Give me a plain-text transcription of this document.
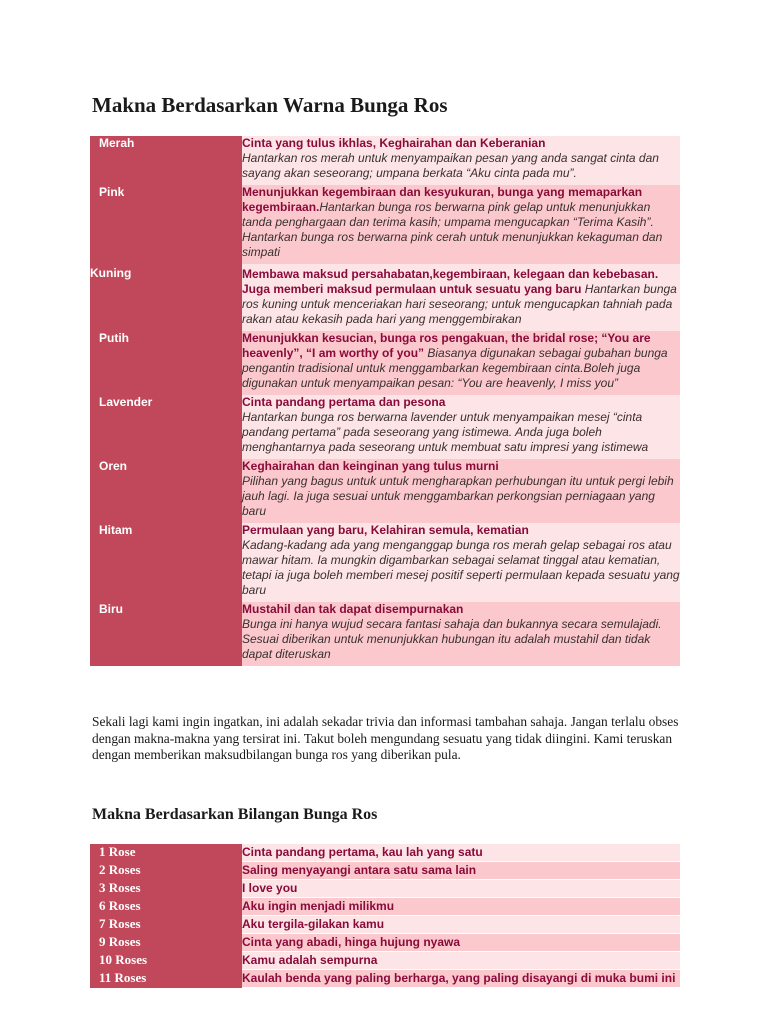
Makna Berdasarkan Warna Bunga Ros
Merah	Cinta yang tulus ikhlas, Keghairahan dan Keberanian
Hantarkan ros merah untuk menyampaikan pesan yang anda sangat cinta dan sayang akan seseorang; umpana berkata “Aku cinta pada mu”.

Pink	Menunjukkan kegembiraan dan kesyukuran, bunga yang memaparkan kegembiraan.Hantarkan bunga ros berwarna pink gelap untuk menunjukkan tanda penghargaan dan terima kasih; umpama mengucapkan “Terima Kasih”. Hantarkan bunga ros berwarna pink cerah untuk menunjukkan kekaguman dan simpati

Kuning	Membawa maksud persahabatan,kegembiraan, kelegaan dan kebebasan. Juga memberi maksud permulaan untuk sesuatu yang baru Hantarkan bunga ros kuning untuk menceriakan hari seseorang; untuk mengucapkan tahniah pada rakan atau kekasih pada hari yang menggembirakan

Putih	Menunjukkan kesucian, bunga ros pengakuan, the bridal rose; “You are heavenly”, “I am worthy of you” Biasanya digunakan sebagai gubahan bunga pengantin tradisional untuk menggambarkan kegembiraan cinta.Boleh juga digunakan untuk menyampaikan pesan: “You are heavenly, I miss you”

Lavender	Cinta pandang pertama dan pesona
Hantarkan bunga ros berwarna lavender untuk menyampaikan mesej “cinta pandang pertama” pada seseorang yang istimewa. Anda juga boleh menghantarnya pada seseorang untuk membuat satu impresi yang istimewa

Oren	Keghairahan dan keinginan yang tulus murni
Pilihan yang bagus untuk untuk mengharapkan perhubungan itu untuk pergi lebih jauh lagi. Ia juga sesuai untuk menggambarkan perkongsian perniagaan yang baru

Hitam	Permulaan yang baru, Kelahiran semula, kematian
Kadang-kadang ada yang menganggap bunga ros merah gelap sebagai ros atau mawar hitam. Ia mungkin digambarkan sebagai selamat tinggal atau kematian, tetapi ia juga boleh memberi mesej positif seperti permulaan kepada sesuatu yang baru

Biru	Mustahil dan tak dapat disempurnakan
Bunga ini hanya wujud secara fantasi sahaja dan bukannya secara semulajadi. Sesuai diberikan untuk menunjukkan hubungan itu adalah mustahil dan tidak dapat diteruskan

Sekali lagi kami ingin ingatkan, ini adalah sekadar trivia dan informasi tambahan sahaja. Jangan terlalu obses dengan makna-makna yang tersirat ini. Takut boleh mengundang sesuatu yang tidak diingini. Kami teruskan dengan memberikan maksudbilangan bunga ros yang diberikan pula.

Makna Berdasarkan Bilangan Bunga Ros
1 Rose	Cinta pandang pertama, kau lah yang satu

2 Roses	Saling menyayangi antara satu sama lain

3 Roses	I love you

6 Roses	Aku ingin menjadi milikmu

7 Roses	Aku tergila-gilakan kamu

9 Roses	Cinta yang abadi, hinga hujung nyawa

10 Roses	Kamu adalah sempurna

11 Roses	Kaulah benda yang paling berharga, yang paling disayangi di muka bumi ini
